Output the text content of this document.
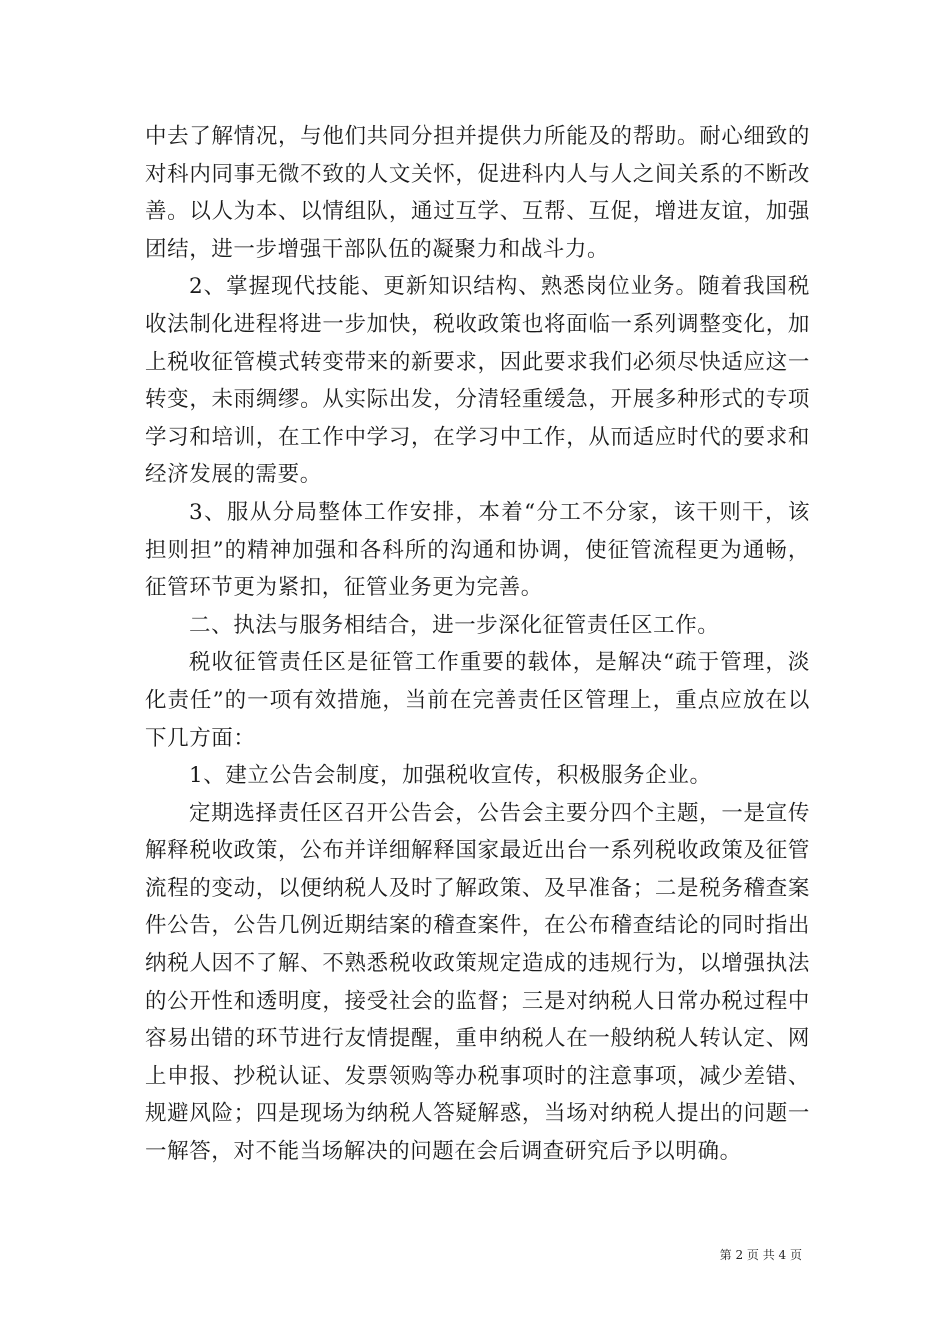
中去了解情况，与他们共同分担并提供力所能及的帮助。耐心细致的对科内同事无微不致的人文关怀，促进科内人与人之间关系的不断改善。以人为本、以情组队，通过互学、互帮、互促，增进友谊，加强团结，进一步增强干部队伍的凝聚力和战斗力。

2、掌握现代技能、更新知识结构、熟悉岗位业务。随着我国税收法制化进程将进一步加快，税收政策也将面临一系列调整变化，加上税收征管模式转变带来的新要求，因此要求我们必须尽快适应这一转变，未雨绸缪。从实际出发，分清轻重缓急，开展多种形式的专项学习和培训，在工作中学习，在学习中工作，从而适应时代的要求和经济发展的需要。

3、服从分局整体工作安排，本着“分工不分家，该干则干，该担则担”的精神加强和各科所的沟通和协调，使征管流程更为通畅，征管环节更为紧扣，征管业务更为完善。

二、执法与服务相结合，进一步深化征管责任区工作。

税收征管责任区是征管工作重要的载体，是解决“疏于管理，淡化责任”的一项有效措施，当前在完善责任区管理上，重点应放在以下几方面：

1、建立公告会制度，加强税收宣传，积极服务企业。

定期选择责任区召开公告会，公告会主要分四个主题，一是宣传解释税收政策，公布并详细解释国家最近出台一系列税收政策及征管流程的变动，以便纳税人及时了解政策、及早准备；二是税务稽查案件公告，公告几例近期结案的稽查案件，在公布稽查结论的同时指出纳税人因不了解、不熟悉税收政策规定造成的违规行为，以增强执法的公开性和透明度，接受社会的监督；三是对纳税人日常办税过程中容易出错的环节进行友情提醒，重申纳税人在一般纳税人转认定、网上申报、抄税认证、发票领购等办税事项时的注意事项，减少差错、规避风险；四是现场为纳税人答疑解惑，当场对纳税人提出的问题一一解答，对不能当场解决的问题在会后调查研究后予以明确。

第 2 页 共 4 页
